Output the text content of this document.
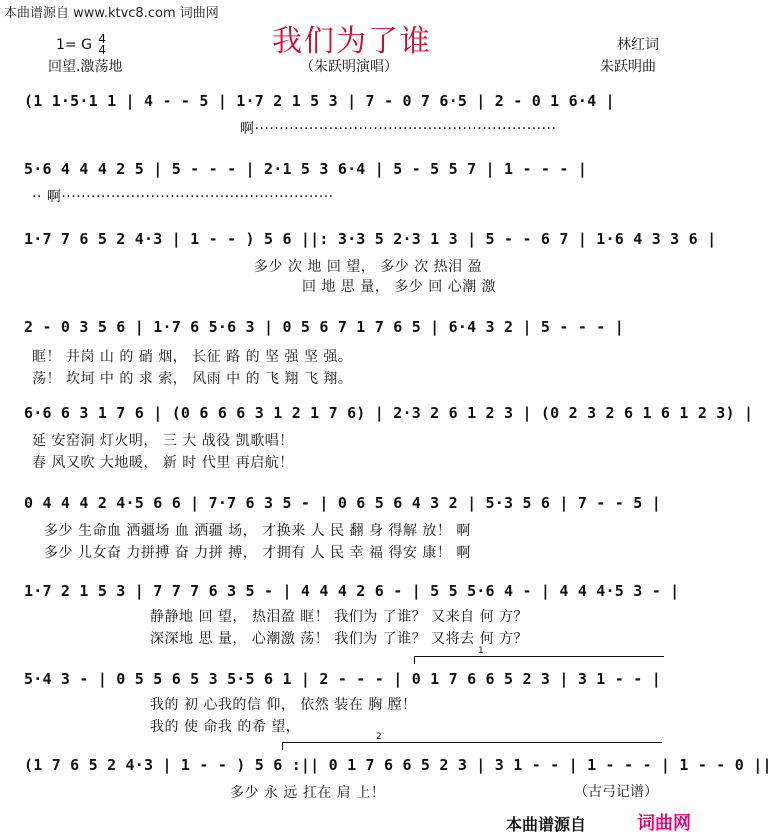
本曲谱源自 www.ktvc8.com 词曲网
我们为了谁
1= G 4
4	林红词
回望.激荡地	（朱跃明演唱）	朱跃明曲
(1 1·5·1 1 | 4 - - 5 | 1·7 2 1 5 3 | 7 - 0 7 6·5 | 2 - 0 1 6·4 |
啊·····························································
5·6 4 4 4 2 5 | 5 - - - | 2·1 5 3 6·4 | 5 - 5 5 7 | 1 - - - |
·· 啊·······················································
1·7 7 6 5 2 4·3 | 1 - - ) 5 6 ||: 3·3 5 2·3 1 3 | 5 - - 6 7 | 1·6 4 3 3 6 |
多少 次 地 回 望， 多少 次 热泪 盈
回 地 思 量， 多少 回 心潮 激
2 - 0 3 5 6 | 1·7 6 5·6 3 | 0 5 6 7 1 7 6 5 | 6·4 3 2 | 5 - - - |
眶！ 井岗 山 的 硝 烟， 长征 路 的 坚 强 坚 强。
荡！ 坎坷 中 的 求 索， 风雨 中 的 飞 翔 飞 翔。
6·6 6 3 1 7 6 | (0 6 6 6 3 1 2 1 7 6) | 2·3 2 6 1 2 3 | (0 2 3 2 6 1 6 1 2 3) |
延 安窑洞 灯火明， 三 大 战役 凯歌唱！
春 风又吹 大地暖， 新 时 代里 再启航！
0 4 4 4 2 4·5 6 6 | 7·7 6 3 5 - | 0 6 5 6 4 3 2 | 5·3 5 6 | 7 - - 5 |
多少 生命血 洒疆场 血 洒疆 场， 才换来 人 民 翻 身 得解 放！ 啊
多少 儿女奋 力拼搏 奋 力拼 搏， 才拥有 人 民 幸 福 得安 康！ 啊
1·7 2 1 5 3 | 7 7 7 6 3 5 - | 4 4 4 2 6 - | 5 5 5·6 4 - | 4 4 4·5 3 - |
静静地 回 望， 热泪盈 眶！ 我们为 了谁？ 又来自 何 方？
深深地 思 量， 心潮激 荡！ 我们为 了谁？ 又将去 何 方？
1
5·4 3 - | 0 5 5 6 5 3 5·5 6 1 | 2 - - - | 0 1 7 6 6 5 2 3 | 3 1 - - |
我的 初 心我的信 仰， 依然 装在 胸 膛！
我的 使 命我 的希 望，
2
(1 7 6 5 2 4·3 | 1 - - ) 5 6 :|| 0 1 7 6 6 5 2 3 | 3 1 - - | 1 - - - | 1 - - 0 ||
多少 永 远 扛在 肩 上！	（古弓记谱）
本曲谱源自	词曲网
